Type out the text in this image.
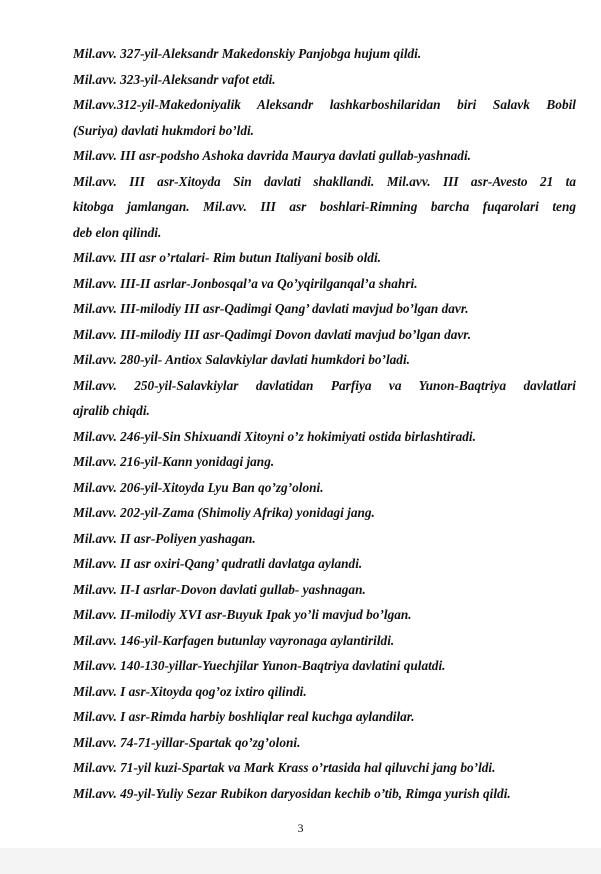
Mil.avv. 327-yil-Aleksandr Makedonskiy Panjobga hujum qildi.
Mil.avv. 323-yil-Aleksandr vafot etdi.
Mil.avv.312-yil-Makedoniyalik Aleksandr lashkarboshilaridan biri Salavk Bobil
(Suriya) davlati hukmdori bo’ldi.
Mil.avv. III asr-podsho Ashoka davrida Maurya davlati gullab-yashnadi.
Mil.avv. III asr-Xitoyda Sin davlati shakllandi. Mil.avv. III asr-Avesto 21 ta
kitobga jamlangan. Mil.avv. III asr boshlari-Rimning barcha fuqarolari teng
deb elon qilindi.
Mil.avv. III asr o’rtalari- Rim butun Italiyani bosib oldi.
Mil.avv. III-II asrlar-Jonbosqal’a va Qo’yqirilganqal’a shahri.
Mil.avv. III-milodiy III asr-Qadimgi Qang’ davlati mavjud bo’lgan davr.
Mil.avv. III-milodiy III asr-Qadimgi Dovon davlati mavjud bo’lgan davr.
Mil.avv. 280-yil- Antiox Salavkiylar davlati humkdori bo’ladi.
Mil.avv. 250-yil-Salavkiylar davlatidan Parfiya va Yunon-Baqtriya davlatlari
ajralib chiqdi.
Mil.avv. 246-yil-Sin Shixuandi Xitoyni o’z hokimiyati ostida birlashtiradi.
Mil.avv. 216-yil-Kann yonidagi jang.
Mil.avv. 206-yil-Xitoyda Lyu Ban qo’zg’oloni.
Mil.avv. 202-yil-Zama (Shimoliy Afrika) yonidagi jang.
Mil.avv. II asr-Poliyen yashagan.
Mil.avv. II asr oxiri-Qang’ qudratli davlatga aylandi.
Mil.avv. II-I asrlar-Dovon davlati gullab- yashnagan.
Mil.avv. II-milodiy XVI asr-Buyuk Ipak yo’li mavjud bo’lgan.
Mil.avv. 146-yil-Karfagen butunlay vayronaga aylantirildi.
Mil.avv. 140-130-yillar-Yuechjilar Yunon-Baqtriya davlatini qulatdi.
Mil.avv. I asr-Xitoyda qog’oz ixtiro qilindi.
Mil.avv. I asr-Rimda harbiy boshliqlar real kuchga aylandilar.
Mil.avv. 74-71-yillar-Spartak qo’zg’oloni.
Mil.avv. 71-yil kuzi-Spartak va Mark Krass o’rtasida hal qiluvchi jang bo’ldi.
Mil.avv. 49-yil-Yuliy Sezar Rubikon daryosidan kechib o’tib, Rimga yurish qildi.
3
